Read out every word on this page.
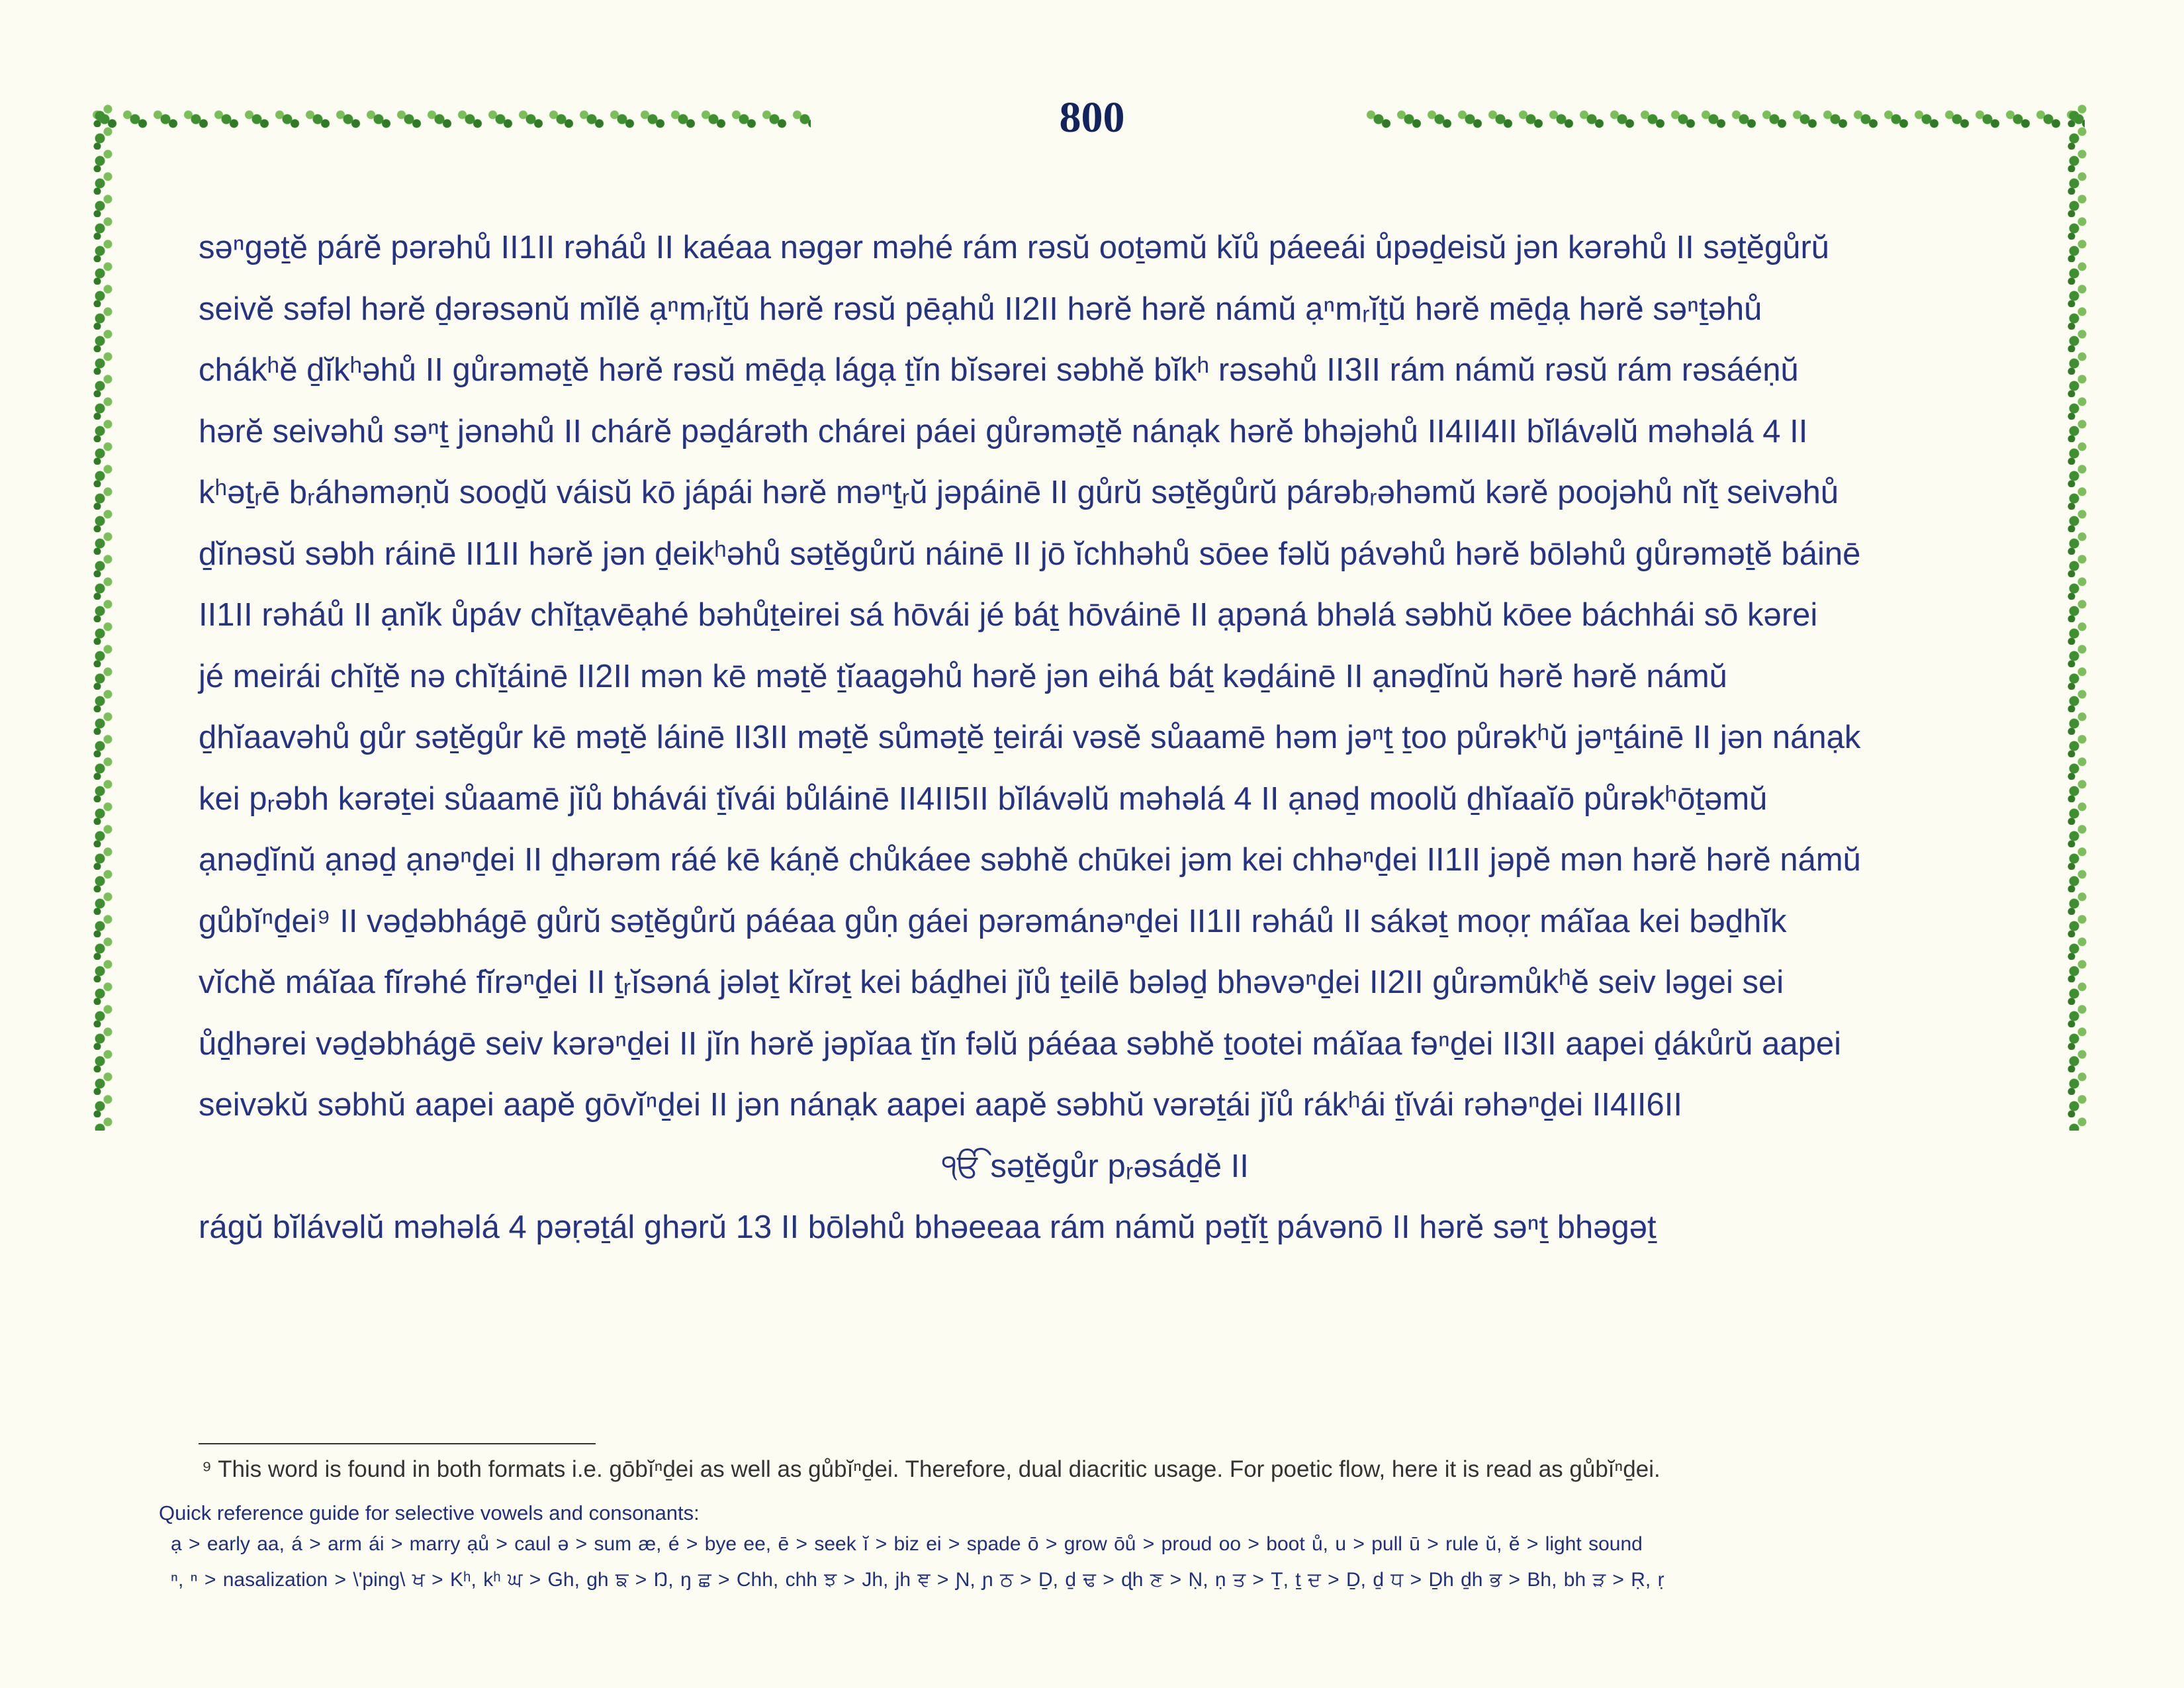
800
səⁿgəṯĕ párĕ pərəhů II1II rəháů II kaéaa nəgər məhé rám rəsŭ ooṯəmŭ kĭů páeeái ůpəḏeisŭ jən kərəhů II səṯĕgůrŭ
seivĕ səfəl hərĕ ḏərəsənŭ mĭlĕ ạⁿmᵣĭṯŭ hərĕ rəsŭ pēạhů II2II hərĕ hərĕ námŭ ạⁿmᵣĭṯŭ hərĕ mēḏạ hərĕ səⁿṯəhů
chákʰĕ ḏĭkʰəhů II gůrəməṯĕ hərĕ rəsŭ mēḏạ lágạ ṯĭn bĭsərei səbhĕ bĭkʰ rəsəhů II3II rám námŭ rəsŭ rám rəsáéṇŭ
hərĕ seivəhů səⁿṯ jənəhů II chárĕ pəḏárəth chárei páei gůrəməṯĕ nánạk hərĕ bhəjəhů II4II4II bĭlávəlŭ məhəlá 4 II
kʰəṯᵣē bᵣáhəməṇŭ sooḏŭ váisŭ kō jápái hərĕ məⁿṯᵣŭ jəpáinē II gůrŭ səṯĕgůrŭ párəbᵣəhəmŭ kərĕ poojəhů nĭṯ seivəhů
ḏĭnəsŭ səbh ráinē II1II hərĕ jən ḏeikʰəhů səṯĕgůrŭ náinē II jō ĭchhəhů sōee fəlŭ pávəhů hərĕ bōləhů gůrəməṯĕ báinē
II1II rəháů II ạnĭk ůpáv chĭṯạvēạhé bəhůṯeirei sá hōvái jé báṯ hōváinē II ạpəná bhəlá səbhŭ kōee báchhái sō kərei
jé meirái chĭṯĕ nə chĭṯáinē II2II mən kē məṯĕ ṯĭaagəhů hərĕ jən eihá báṯ kəḏáinē II ạnəḏĭnŭ hərĕ hərĕ námŭ
ḏhĭaavəhů gůr səṯĕgůr kē məṯĕ láinē II3II məṯĕ sůməṯĕ ṯeirái vəsĕ sůaamē həm jəⁿṯ ṯoo půrəkʰŭ jəⁿṯáinē II jən nánạk
kei pᵣəbh kərəṯei sůaamē jĭů bhávái ṯĭvái bůláinē II4II5II bĭlávəlŭ məhəlá 4 II ạnəḏ moolŭ ḏhĭaaĭō půrəkʰōṯəmŭ
ạnəḏĭnŭ ạnəḏ ạnəⁿḏei II ḏhərəm ráé kē káṇĕ chůkáee səbhĕ chūkei jəm kei chhəⁿḏei II1II jəpĕ mən hərĕ hərĕ námŭ
gůbĭⁿḏei⁹ II vəḏəbhágē gůrŭ səṯĕgůrŭ páéaa gůṇ gáei pərəmánəⁿḏei II1II rəháů II sákəṯ moọṛ máĭaa kei bəḏhĭk
vĭchĕ máĭaa fĭrəhé fĭrəⁿḏei II ṯᵣĭsəná jələṯ kĭrəṯ kei báḏhei jĭů ṯeilē bələḏ bhəvəⁿḏei II2II gůrəmůkʰĕ seiv ləgei sei
ůḏhərei vəḏəbhágē seiv kərəⁿḏei II jĭn hərĕ jəpĭaa ṯĭn fəlŭ páéaa səbhĕ ṯootei máĭaa fəⁿḏei II3II aapei ḏákůrŭ aapei
seivəkŭ səbhŭ aapei aapĕ gōvĭⁿḏei II jən nánạk aapei aapĕ səbhŭ vərəṯái jĭů rákʰái ṯĭvái rəhəⁿḏei II4II6II
ੴ səṯĕgůr pᵣəsáḏĕ II
rágŭ bĭlávəlŭ məhəlá 4 pəṛəṯál ghərŭ 13 II bōləhů bhəeeaa rám námŭ pəṯĭṯ pávənō II hərĕ səⁿṯ bhəgəṯ
⁹ This word is found in both formats i.e. gōbĭⁿḏei as well as gůbĭⁿḏei. Therefore, dual diacritic usage. For poetic flow, here it is read as gůbĭⁿḏei.
Quick reference guide for selective vowels and consonants:
ạ > early aa, á > arm ái > marry ạů > caul ə > sum æ, é > bye ee, ē > seek ĭ > biz ei > spade ō > grow ōů > proud oo > boot ů, u > pull ū > rule ŭ, ĕ > light sound
ⁿ, ⁿ > nasalization > \'ping\ ਖ > Kʰ, kʰ ਘ > Gh, gh ਙ > Ŋ, ŋ ਛ > Chh, chh ਝ > Jh, jh ਞ > Ɲ, ɲ ਠ > Ḏ, ḏ ਢ > ɖh ਣ > Ṇ, ṇ ਤ > Ṯ, ṯ ਦ > Ḏ, ḏ ਧ > Ḏh ḏh ਭ > Bh, bh ੜ > Ṛ, ṛ
